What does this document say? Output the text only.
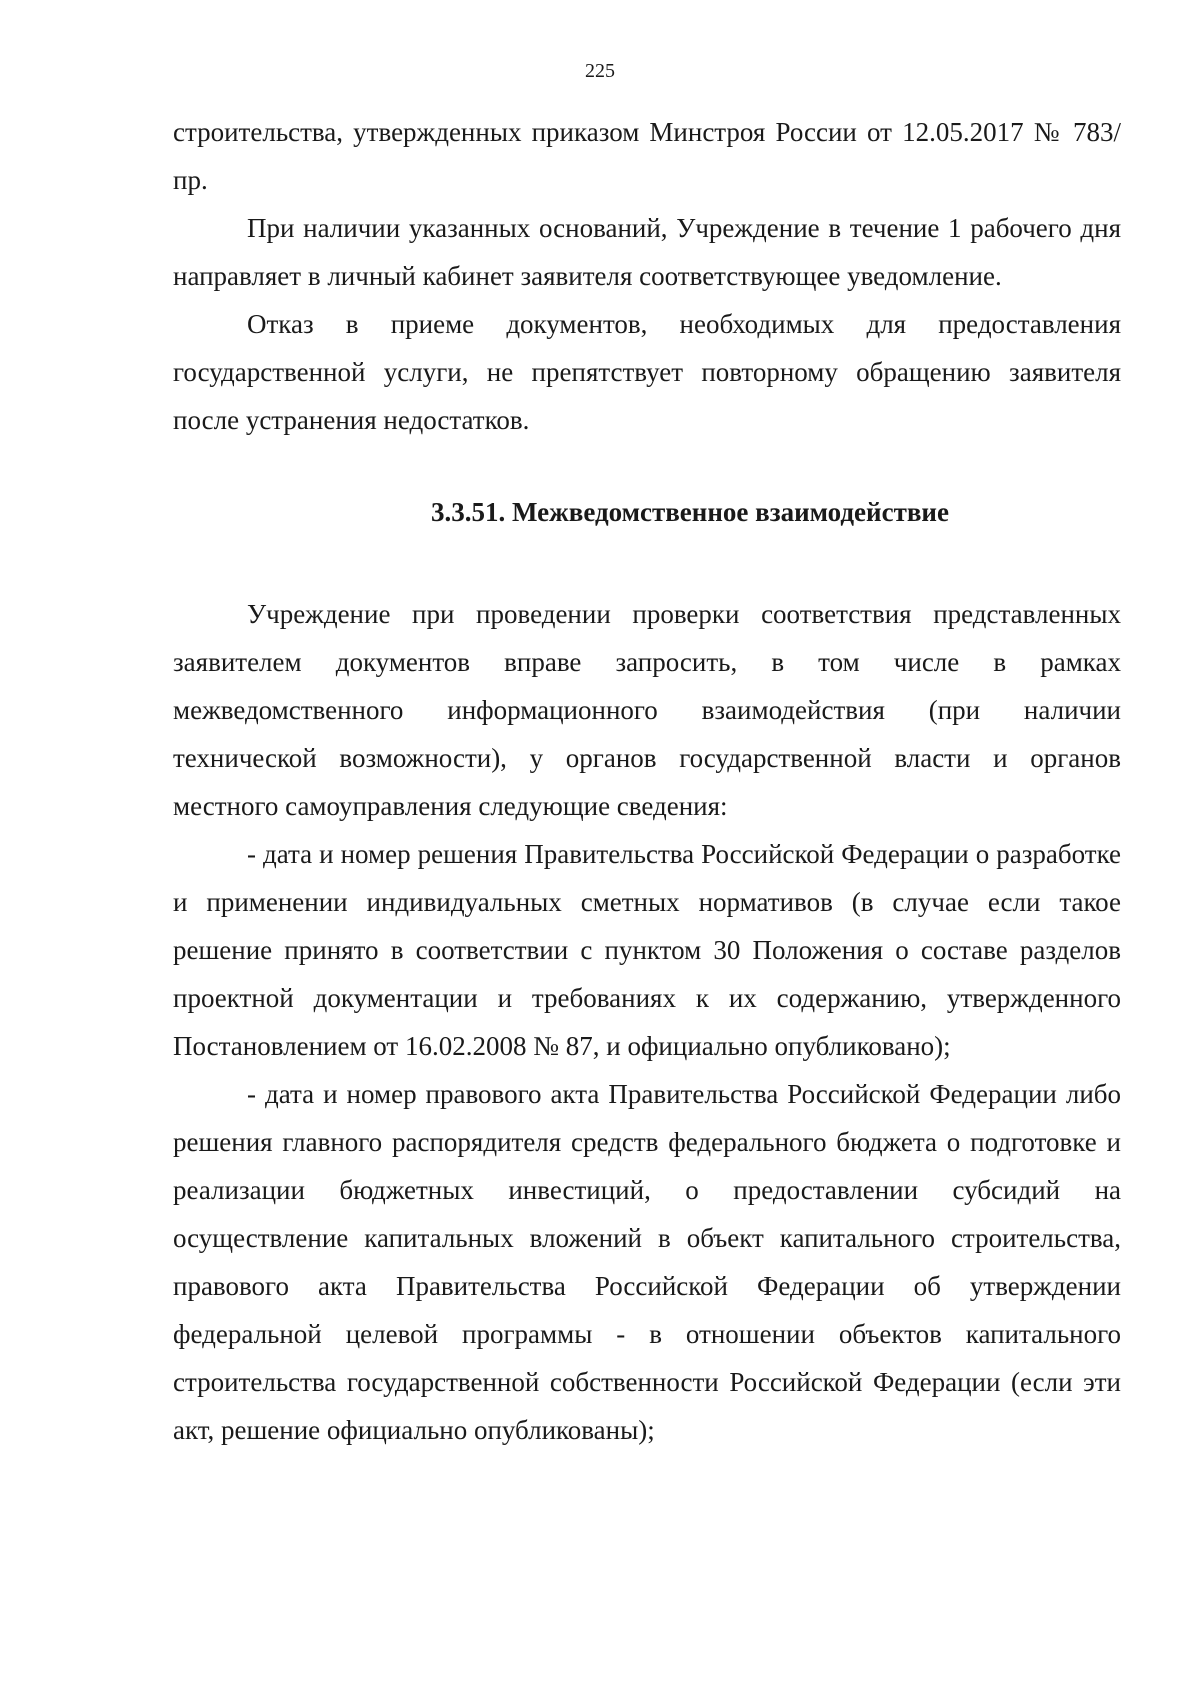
225

строительства, утвержденных приказом Минстроя России от 12.05.2017 № 783/пр.

При наличии указанных оснований, Учреждение в течение 1 рабочего дня направляет в личный кабинет заявителя соответствующее уведомление.

Отказ в приеме документов, необходимых для предоставления государственной услуги, не препятствует повторному обращению заявителя после устранения недостатков.

3.3.51. Межведомственное взаимодействие

Учреждение при проведении проверки соответствия представленных заявителем документов вправе запросить, в том числе в рамках межведомственного информационного взаимодействия (при наличии технической возможности), у органов государственной власти и органов местного самоуправления следующие сведения:

- дата и номер решения Правительства Российской Федерации о разработке и применении индивидуальных сметных нормативов (в случае если такое решение принято в соответствии с пунктом 30 Положения о составе разделов проектной документации и требованиях к их содержанию, утвержденного Постановлением от 16.02.2008 № 87, и официально опубликовано);

- дата и номер правового акта Правительства Российской Федерации либо решения главного распорядителя средств федерального бюджета о подготовке и реализации бюджетных инвестиций, о предоставлении субсидий на осуществление капитальных вложений в объект капитального строительства, правового акта Правительства Российской Федерации об утверждении федеральной целевой программы - в отношении объектов капитального строительства государственной собственности Российской Федерации (если эти акт, решение официально опубликованы);
